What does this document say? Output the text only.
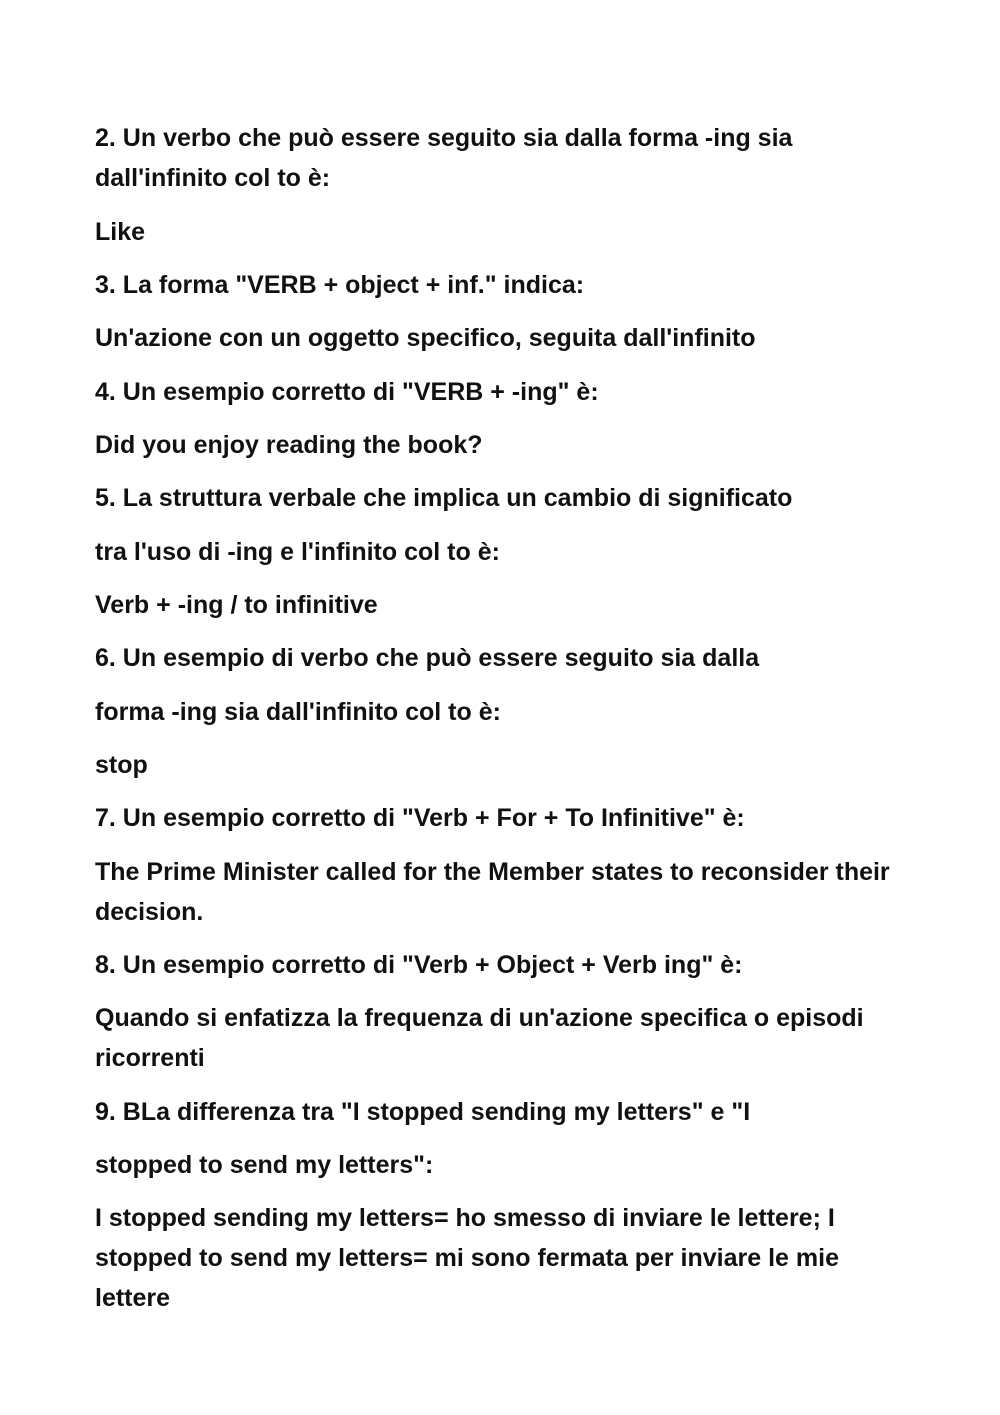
2. Un verbo che può essere seguito sia dalla forma -ing sia dall'infinito col to è:

Like

3. La forma "VERB + object + inf." indica:

Un'azione con un oggetto specifico, seguita dall'infinito

4. Un esempio corretto di "VERB + -ing" è:

Did you enjoy reading the book?

5. La struttura verbale che implica un cambio di significato

tra l'uso di -ing e l'infinito col to è:

Verb + -ing / to infinitive

6. Un esempio di verbo che può essere seguito sia dalla

forma -ing sia dall'infinito col to è:

stop

7. Un esempio corretto di "Verb + For + To Infinitive" è:

The Prime Minister called for the Member states to reconsider their decision.

8. Un esempio corretto di "Verb + Object + Verb ing" è:

Quando si enfatizza la frequenza di un'azione specifica o episodi ricorrenti

9. BLa differenza tra "I stopped sending my letters" e "I

stopped to send my letters":

I stopped sending my letters= ho smesso di inviare le lettere; I stopped to send my letters= mi sono fermata per inviare le mie lettere
